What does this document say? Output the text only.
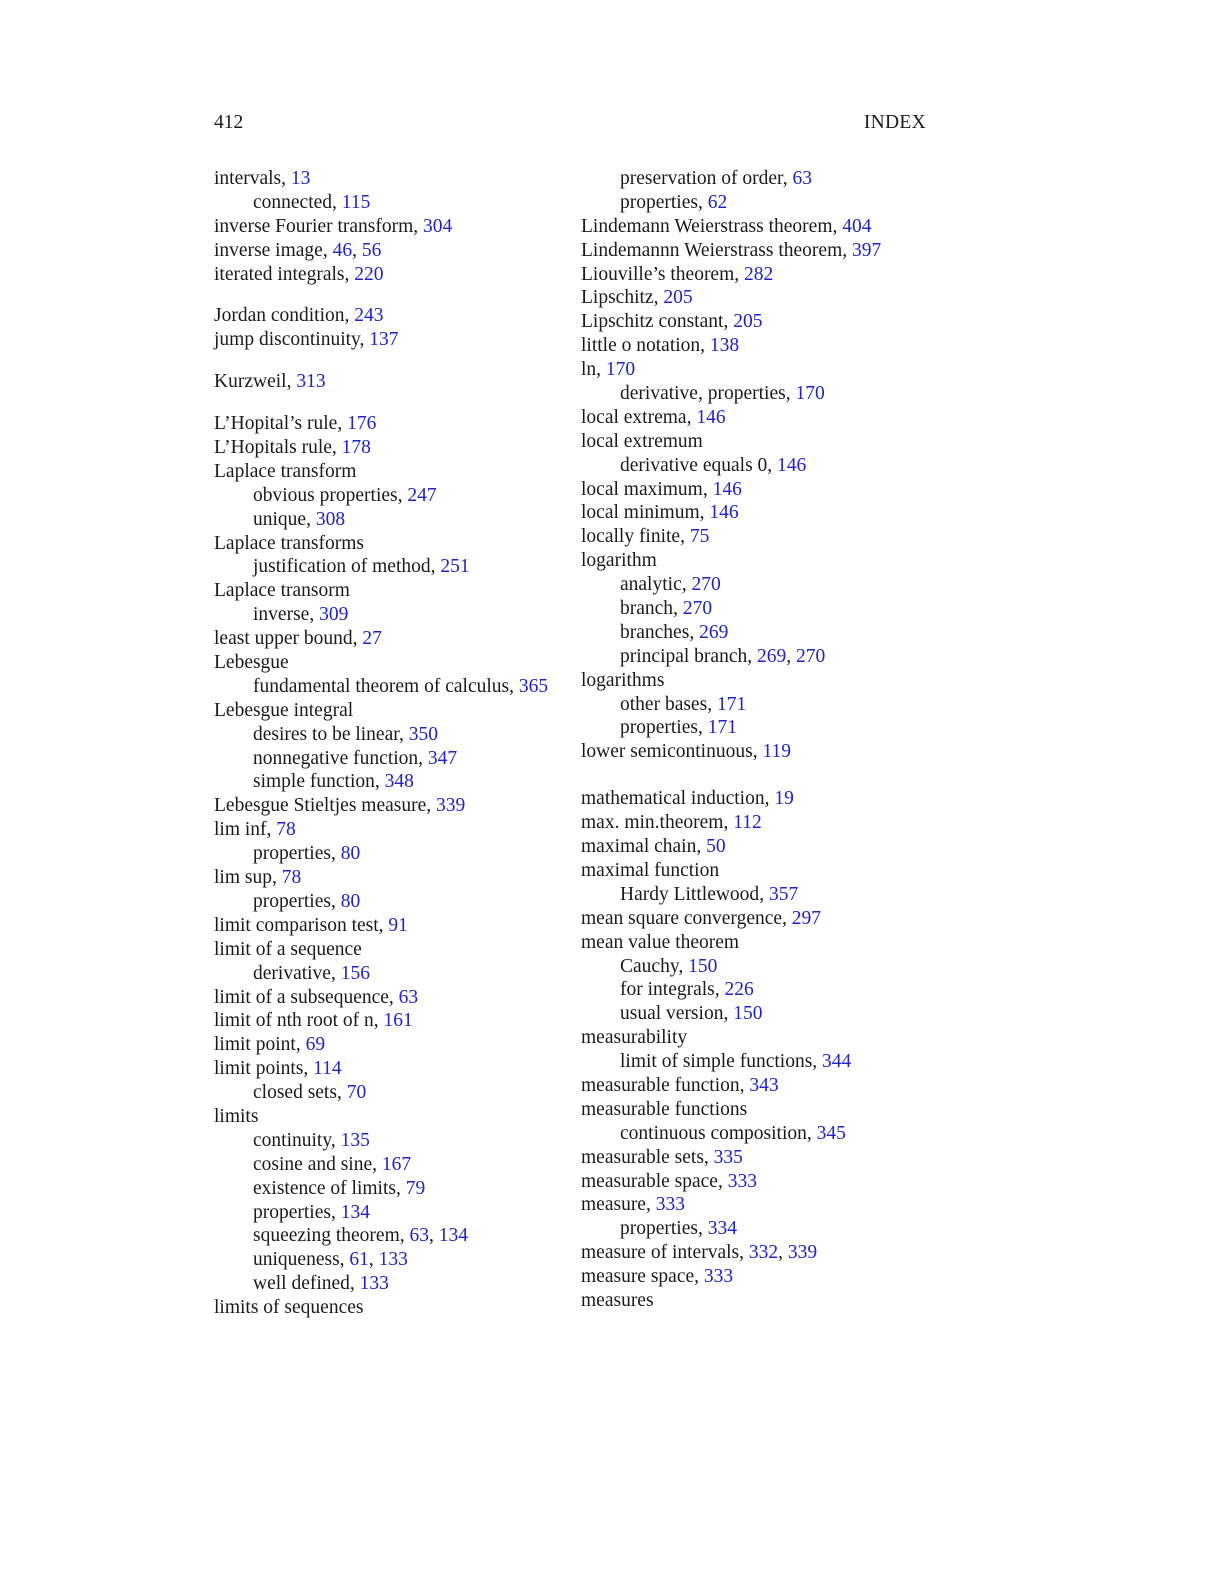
412	INDEX
intervals, 13
connected, 115
inverse Fourier transform, 304
inverse image, 46, 56
iterated integrals, 220
Jordan condition, 243
jump discontinuity, 137
Kurzweil, 313
L’Hopital’s rule, 176
L’Hopitals rule, 178
Laplace transform
obvious properties, 247
unique, 308
Laplace transforms
justification of method, 251
Laplace transorm
inverse, 309
least upper bound, 27
Lebesgue
fundamental theorem of calculus, 365
Lebesgue integral
desires to be linear, 350
nonnegative function, 347
simple function, 348
Lebesgue Stieltjes measure, 339
lim inf, 78
properties, 80
lim sup, 78
properties, 80
limit comparison test, 91
limit of a sequence
derivative, 156
limit of a subsequence, 63
limit of nth root of n, 161
limit point, 69
limit points, 114
closed sets, 70
limits
continuity, 135
cosine and sine, 167
existence of limits, 79
properties, 134
squeezing theorem, 63, 134
uniqueness, 61, 133
well defined, 133
limits of sequences
preservation of order, 63
properties, 62
Lindemann Weierstrass theorem, 404
Lindemannn Weierstrass theorem, 397
Liouville’s theorem, 282
Lipschitz, 205
Lipschitz constant, 205
little o notation, 138
ln, 170
derivative, properties, 170
local extrema, 146
local extremum
derivative equals 0, 146
local maximum, 146
local minimum, 146
locally finite, 75
logarithm
analytic, 270
branch, 270
branches, 269
principal branch, 269, 270
logarithms
other bases, 171
properties, 171
lower semicontinuous, 119
mathematical induction, 19
max. min.theorem, 112
maximal chain, 50
maximal function
Hardy Littlewood, 357
mean square convergence, 297
mean value theorem
Cauchy, 150
for integrals, 226
usual version, 150
measurability
limit of simple functions, 344
measurable function, 343
measurable functions
continuous composition, 345
measurable sets, 335
measurable space, 333
measure, 333
properties, 334
measure of intervals, 332, 339
measure space, 333
measures
